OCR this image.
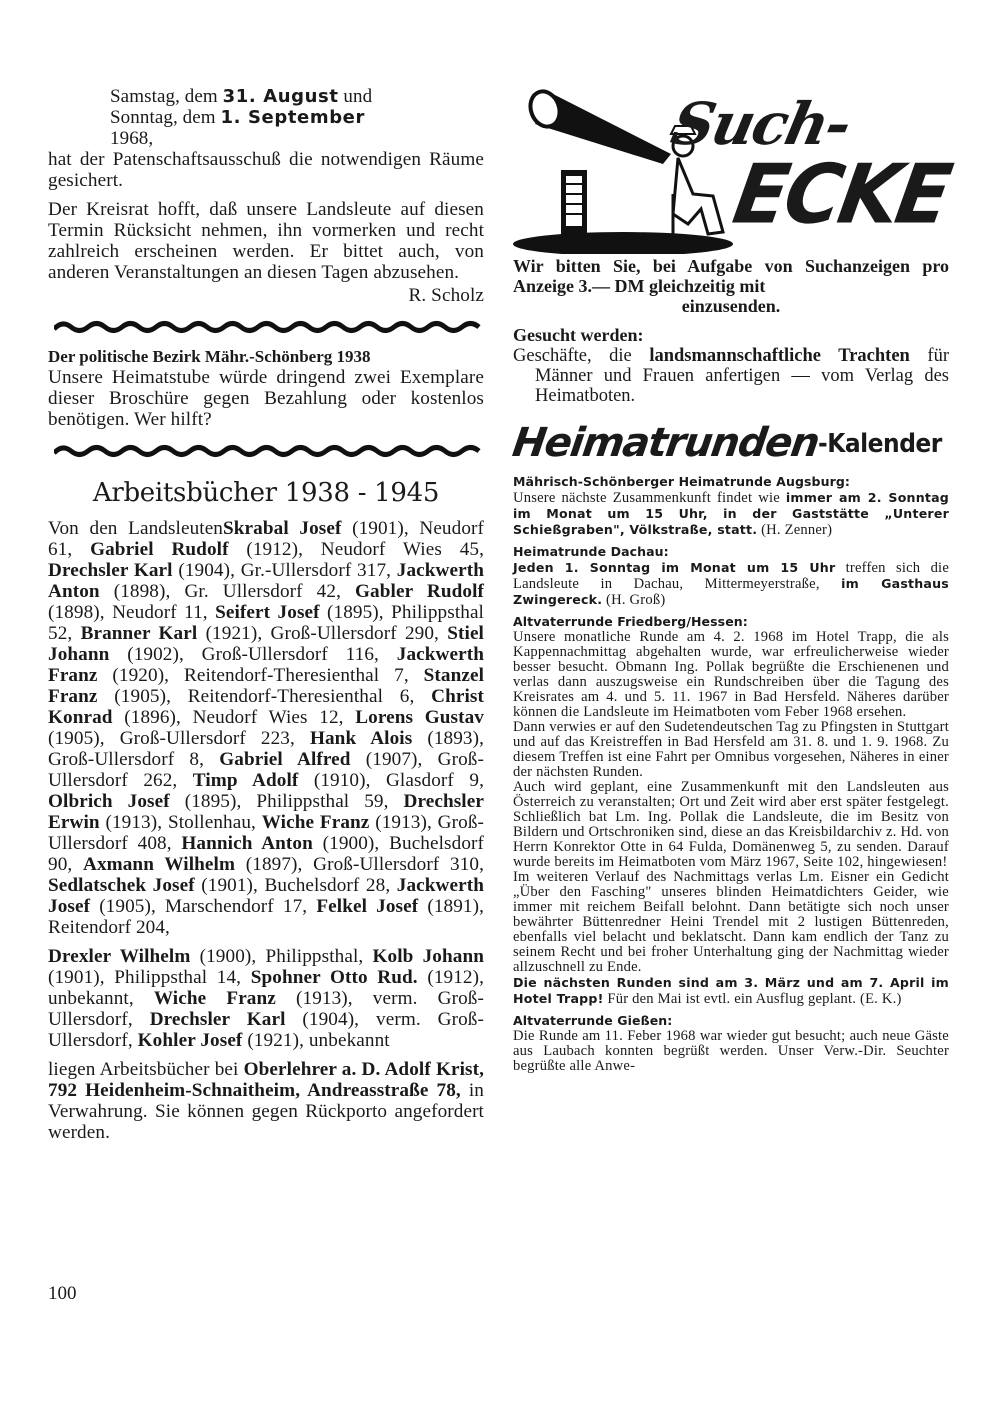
Samstag, dem 31. August und
Sonntag, dem 1. September
1968,

hat der Patenschaftsausschuß die notwendigen Räume gesichert.

Der Kreisrat hofft, daß unsere Landsleute auf diesen Termin Rücksicht nehmen, ihn vormerken und recht zahlreich erscheinen werden. Er bittet auch, von anderen Veranstaltungen an diesen Tagen abzusehen.

R. Scholz

Der politische Bezirk Mähr.-Schönberg 1938

Unsere Heimatstube würde dringend zwei Exemplare dieser Broschüre gegen Bezahlung oder kostenlos benötigen. Wer hilft?

Arbeitsbücher 1938 - 1945

Von den LandsleutenSkrabal Josef (1901), Neudorf 61, Gabriel Rudolf (1912), Neudorf Wies 45, Drechsler Karl (1904), Gr.-Ullersdorf 317, Jackwerth Anton (1898), Gr. Ullersdorf 42, Gabler Rudolf (1898), Neudorf 11, Seifert Josef (1895), Philippsthal 52, Branner Karl (1921), Groß-Ullersdorf 290, Stiel Johann (1902), Groß-Ullersdorf 116, Jackwerth Franz (1920), Reitendorf-Theresienthal 7, Stanzel Franz (1905), Reitendorf-Theresienthal 6, Christ Konrad (1896), Neudorf Wies 12, Lorens Gustav (1905), Groß-Ullersdorf 223, Hank Alois (1893), Groß-Ullersdorf 8, Gabriel Alfred (1907), Groß-Ullersdorf 262, Timp Adolf (1910), Glasdorf 9, Olbrich Josef (1895), Philippsthal 59, Drechsler Erwin (1913), Stollenhau, Wiche Franz (1913), Groß-Ullersdorf 408, Hannich Anton (1900), Buchelsdorf 90, Axmann Wilhelm (1897), Groß-Ullersdorf 310, Sedlatschek Josef (1901), Buchelsdorf 28, Jackwerth Josef (1905), Marschendorf 17, Felkel Josef (1891), Reitendorf 204,

Drexler Wilhelm (1900), Philippsthal, Kolb Johann (1901), Philippsthal 14, Spohner Otto Rud. (1912), unbekannt, Wiche Franz (1913), verm. Groß-Ullersdorf, Drechsler Karl (1904), verm. Groß-Ullersdorf, Kohler Josef (1921), unbekannt

liegen Arbeitsbücher bei Oberlehrer a. D. Adolf Krist, 792 Heidenheim-Schnaitheim, Andreasstraße 78, in Verwahrung. Sie können gegen Rückporto angefordert werden.

100
Such-
ECKE
Wir bitten Sie, bei Aufgabe von Suchanzeigen pro Anzeige 3.— DM gleichzeitig mit
einzusenden.
Gesucht werden:

Geschäfte, die landsmannschaftliche Trachten für Männer und Frauen anfertigen — vom Verlag des Heimatboten.

Heimatrunden-Kalender
Mährisch-Schönberger Heimatrunde Augsburg:

Unsere nächste Zusammenkunft findet wie immer am 2. Sonntag im Monat um 15 Uhr, in der Gaststätte „Unterer Schießgraben", Völkstraße, statt. (H. Zenner)

Heimatrunde Dachau:

Jeden 1. Sonntag im Monat um 15 Uhr treffen sich die Landsleute in Dachau, Mittermeyerstraße, im Gasthaus Zwingereck. (H. Groß)

Altvaterrunde Friedberg/Hessen:

Unsere monatliche Runde am 4. 2. 1968 im Hotel Trapp, die als Kappennachmittag abgehalten wurde, war erfreulicherweise wieder besser besucht. Obmann Ing. Pollak begrüßte die Erschienenen und verlas dann auszugsweise ein Rundschreiben über die Tagung des Kreisrates am 4. und 5. 11. 1967 in Bad Hersfeld. Näheres darüber können die Landsleute im Heimatboten vom Feber 1968 ersehen.

Dann verwies er auf den Sudetendeutschen Tag zu Pfingsten in Stuttgart und auf das Kreistreffen in Bad Hersfeld am 31. 8. und 1. 9. 1968. Zu diesem Treffen ist eine Fahrt per Omnibus vorgesehen, Näheres in einer der nächsten Runden.

Auch wird geplant, eine Zusammenkunft mit den Landsleuten aus Österreich zu veranstalten; Ort und Zeit wird aber erst später festgelegt. Schließlich bat Lm. Ing. Pollak die Landsleute, die im Besitz von Bildern und Ortschroniken sind, diese an das Kreisbildarchiv z. Hd. von Herrn Konrektor Otte in 64 Fulda, Domänenweg 5, zu senden. Darauf wurde bereits im Heimatboten vom März 1967, Seite 102, hingewiesen!

Im weiteren Verlauf des Nachmittags verlas Lm. Eisner ein Gedicht „Über den Fasching" unseres blinden Heimatdichters Geider, wie immer mit reichem Beifall belohnt. Dann betätigte sich noch unser bewährter Büttenredner Heini Trendel mit 2 lustigen Büttenreden, ebenfalls viel belacht und beklatscht. Dann kam endlich der Tanz zu seinem Recht und bei froher Unterhaltung ging der Nachmittag wieder allzuschnell zu Ende.

Die nächsten Runden sind am 3. März und am 7. April im Hotel Trapp! Für den Mai ist evtl. ein Ausflug geplant. (E. K.)

Altvaterrunde Gießen:

Die Runde am 11. Feber 1968 war wieder gut besucht; auch neue Gäste aus Laubach konnten begrüßt werden. Unser Verw.-Dir. Seuchter begrüßte alle Anwe-
